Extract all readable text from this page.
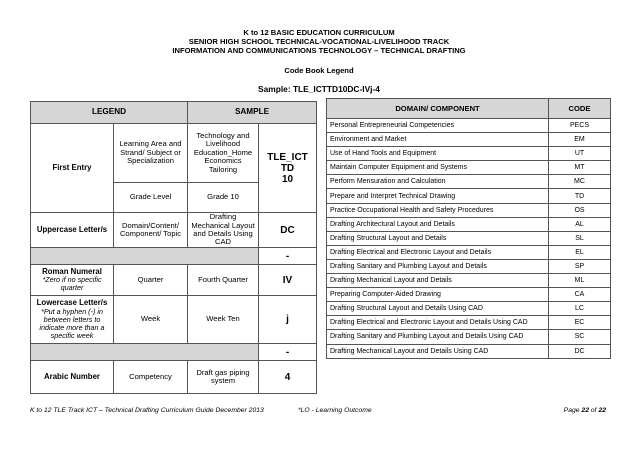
K to 12 BASIC EDUCATION CURRICULUM
SENIOR HIGH SCHOOL TECHNICAL-VOCATIONAL-LIVELIHOOD TRACK
INFORMATION AND COMMUNICATIONS TECHNOLOGY – TECHNICAL DRAFTING
Code Book Legend
Sample: TLE_ICTTD10DC-IVj-4
LEGEND		SAMPLE	
First Entry	Learning Area and Strand/ Subject or Specialization	Technology and Livelihood Education_Home Economics Tailoring	TLE_ICT
TD
10

	Grade Level	Grade 10	
Uppercase Letter/s	Domain/Content/ Component/ Topic	Drafting Mechanical Layout and Details Using CAD	DC
			-

Roman Numeral
*Zero if no specific quarter	Quarter	Fourth Quarter	IV

Lowercase Letter/s
*Put a hyphen (-) in between letters to indicate more than a specific week	Week	Week Ten	j
			-
Arabic Number	Competency	Draft gas piping system	4
DOMAIN/ COMPONENT	CODE
Personal Entrepreneurial Competencies	PECS
Environment and Market	EM
Use of Hand Tools and Equipment	UT
Maintain Computer Equipment and Systems	MT
Perform Mensuration and Calculation	MC
Prepare and Interpret Technical Drawing	TD
Practice Occupational Health and Safety Procedures	OS
Drafting Architectural Layout and Details	AL
Drafting Structural Layout and Details	SL
Drafting Electrical and Electronic Layout and Details	EL
Drafting Sanitary and Plumbing Layout and Details	SP
Drafting Mechanical Layout and Details	ML
Preparing Computer-Aided Drawing	CA
Drafting Structural Layout and Details Using CAD	LC
Drafting Electrical and Electronic Layout and Details Using CAD	EC
Drafting Sanitary and Plumbing Layout and Details Using CAD	SC
Drafting Mechanical Layout and Details Using CAD	DC
K to 12 TLE Track ICT – Technical Drafting Curriculum Guide December 2013	*LO - Learning Outcome	Page 22 of 22
